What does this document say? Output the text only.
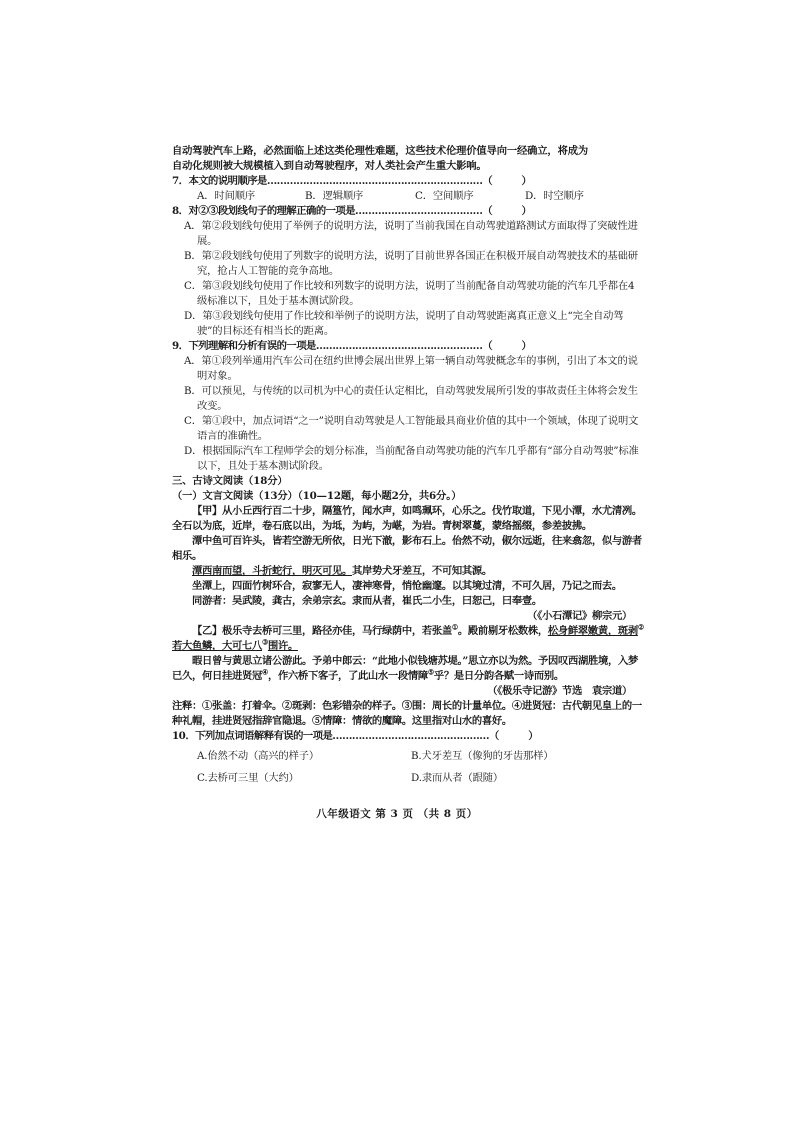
自动驾驶汽车上路，必然面临上述这类伦理性难题，这些技术伦理价值导向一经确立，将成为
自动化规则被大规模植入到自动驾驶程序，对人类社会产生重大影响。

7．本文的说明顺序是…………………………………………………………（　　　）

A．时间顺序	B．逻辑顺序	C．空间顺序	D．时空顺序

8．对②③段划线句子的理解正确的一项是…………………………………（　　　）

A．第②段划线句使用了举例子的说明方法，说明了当前我国在自动驾驶道路测试方面取得了突破性进展。

B．第②段划线句使用了列数字的说明方法，说明了目前世界各国正在积极开展自动驾驶技术的基础研究，抢占人工智能的竞争高地。

C．第③段划线句使用了作比较和列数字的说明方法，说明了当前配备自动驾驶功能的汽车几乎都在4级标准以下，且处于基本测试阶段。

D．第③段划线句使用了作比较和举例子的说明方法，说明了自动驾驶距离真正意义上“完全自动驾驶”的目标还有相当长的距离。

9．下列理解和分析有误的一项是……………………………………………（　　　）

A．第①段列举通用汽车公司在纽约世博会展出世界上第一辆自动驾驶概念车的事例，引出了本文的说明对象。

B．可以预见，与传统的以司机为中心的责任认定相比，自动驾驶发展所引发的事故责任主体将会发生改变。

C．第①段中，加点词语“之一”说明自动驾驶是人工智能最具商业价值的其中一个领域，体现了说明文语言的准确性。

D．根据国际汽车工程师学会的划分标准，当前配备自动驾驶功能的汽车几乎都有“部分自动驾驶”标准以下，且处于基本测试阶段。

三、古诗文阅读（18分）

（一）文言文阅读（13分）（10—12题，每小题2分，共6分。）

【甲】从小丘西行百二十步，隔篁竹，闻水声，如鸣珮环，心乐之。伐竹取道，下见小潭，水尤清冽。全石以为底，近岸，卷石底以出，为坻，为屿，为嵁，为岩。青树翠蔓，蒙络摇缀，参差披拂。

潭中鱼可百许头，皆若空游无所依，日光下澈，影布石上。佁然不动，俶尔远逝，往来翕忽，似与游者相乐。

潭西南而望，斗折蛇行，明灭可见。其岸势犬牙差互，不可知其源。

坐潭上，四面竹树环合，寂寥无人，凄神寒骨，悄怆幽邃。以其境过清，不可久居，乃记之而去。

同游者：吴武陵，龚古，余弟宗玄。隶而从者，崔氏二小生，曰恕己，曰奉壹。

（《小石潭记》柳宗元）

【乙】极乐寺去桥可三里，路径亦佳，马行绿荫中，若张盖①。殿前剔牙松数株，松身鲜翠嫩黄，斑剥②若大鱼鳞，大可七八③围许。

暇日曾与黄思立诸公游此。予弟中郎云：“此地小似钱塘苏堤。”思立亦以为然。予因叹西湖胜境，入梦已久，何日挂进贤冠④，作六桥下客子，了此山水一段情障⑤乎？是日分韵各赋一诗而别。

（《极乐寺记游》节选　袁宗道）

注释：①张盖：打着伞。②斑剥：色彩错杂的样子。③围：周长的计量单位。④进贤冠：古代朝见皇上的一种礼帽，挂进贤冠指辞官隐退。⑤情障：情欲的魔障。这里指对山水的喜好。

10．下列加点词语解释有误的一项是…………………………………………（　　　）

A.佁然不动（高兴的样子）	B.犬牙差互（像狗的牙齿那样）
C.去桥可三里（大约）	D.隶而从者（跟随）
八年级语文 第 3 页 （共 8 页）
